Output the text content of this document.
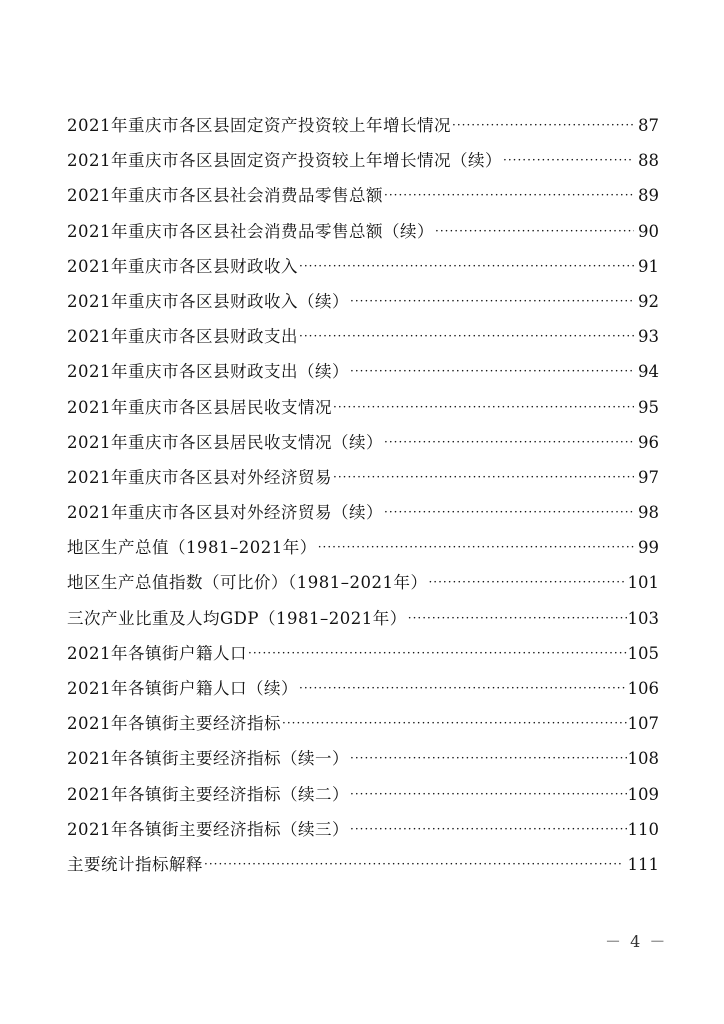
2021年重庆市各区县固定资产投资较上年增长情况 ·····	87
2021年重庆市各区县固定资产投资较上年增长情况（续） ·····	88
2021年重庆市各区县社会消费品零售总额 ·····	89
2021年重庆市各区县社会消费品零售总额（续） ·····	90
2021年重庆市各区县财政收入 ·····	91
2021年重庆市各区县财政收入（续） ·····	92
2021年重庆市各区县财政支出 ·····	93
2021年重庆市各区县财政支出（续） ·····	94
2021年重庆市各区县居民收支情况 ·····	95
2021年重庆市各区县居民收支情况（续） ·····	96
2021年重庆市各区县对外经济贸易 ·····	97
2021年重庆市各区县对外经济贸易（续） ·····	98
地区生产总值（1981–2021年） ·····	99
地区生产总值指数（可比价）（1981–2021年） ·····	101
三次产业比重及人均GDP（1981–2021年） ·····	103
2021年各镇街户籍人口 ·····	105
2021年各镇街户籍人口（续） ·····	106
2021年各镇街主要经济指标 ·····	107
2021年各镇街主要经济指标（续一） ·····	108
2021年各镇街主要经济指标（续二） ·····	109
2021年各镇街主要经济指标（续三） ·····	110
主要统计指标解释 ·····	111
－ 4 －
